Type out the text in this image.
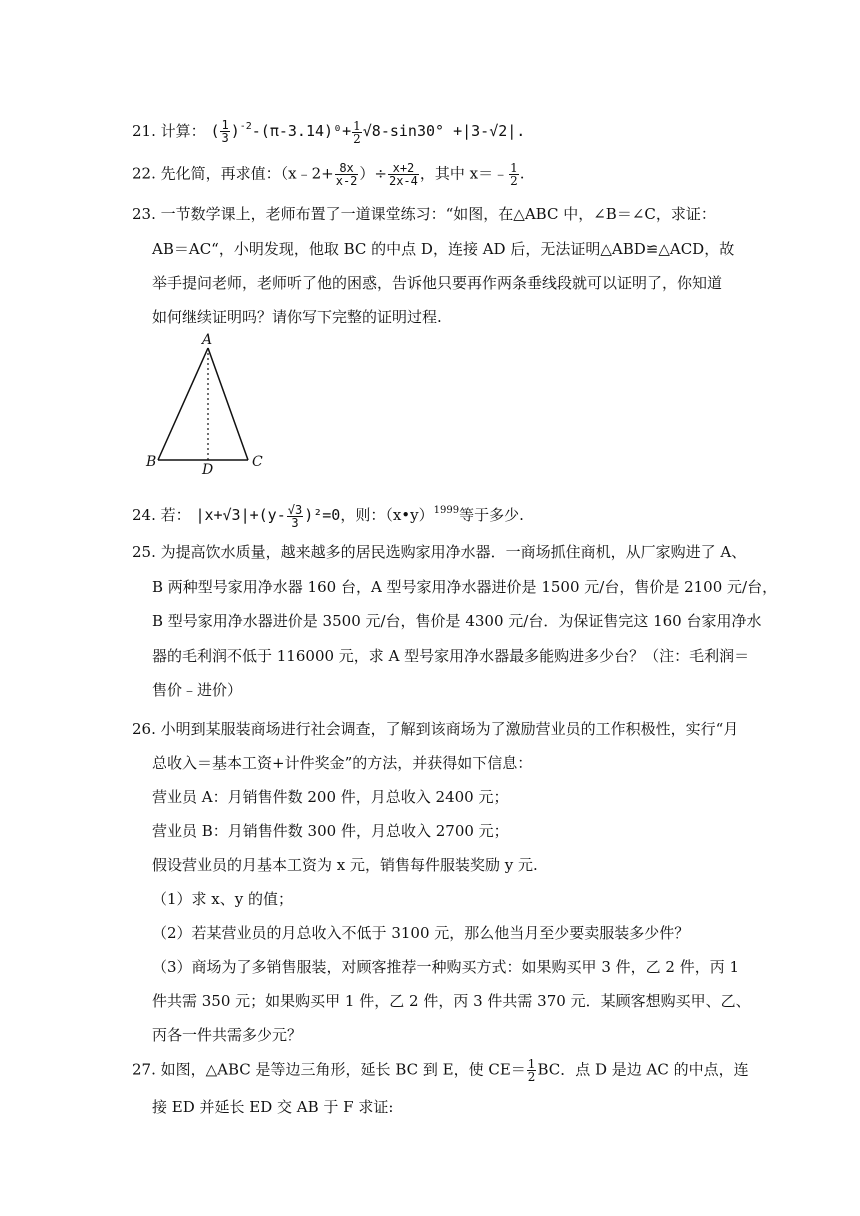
21. 计算： ( $\frac{1}{3} )^{-2}-(\pi-3.14)^0+ \frac{1}{2} √8-\sin 30^\circ +|3-√2|$.
22. 先化简，再求值：（x﹣2+ $\frac{8x}{x-2}$ ）÷ $\frac{x+2}{2x-4}$ ，其中 x＝﹣ $\frac{1}{2}$ .
23. 一节数学课上，老师布置了一道课堂练习：“如图，在△ABC 中，∠B＝∠C，求证：
AB＝AC“，小明发现，他取 BC 的中点 D，连接 AD 后，无法证明△ABD≌△ACD，故
举手提问老师，老师听了他的困惑，告诉他只要再作两条垂线段就可以证明了，你知道
如何继续证明吗？请你写下完整的证明过程.
A
B	C
D
24. 若： $|x+√3|+(y- \frac{√3}{3} )^2=0$，则：（x•y）$^{1999}$等于多少.
25. 为提高饮水质量，越来越多的居民选购家用净水器．一商场抓住商机，从厂家购进了 A、
B 两种型号家用净水器 160 台，A 型号家用净水器进价是 1500 元/台，售价是 2100 元/台，
B 型号家用净水器进价是 3500 元/台，售价是 4300 元/台．为保证售完这 160 台家用净水
器的毛利润不低于 116000 元，求 A 型号家用净水器最多能购进多少台？（注：毛利润＝
售价﹣进价）
26. 小明到某服装商场进行社会调查，了解到该商场为了激励营业员的工作积极性，实行“月
总收入＝基本工资+计件奖金”的方法，并获得如下信息：
营业员 A：月销售件数 200 件，月总收入 2400 元；
营业员 B：月销售件数 300 件，月总收入 2700 元；
假设营业员的月基本工资为 x 元，销售每件服装奖励 y 元.
（1）求 x、y 的值；
（2）若某营业员的月总收入不低于 3100 元，那么他当月至少要卖服装多少件？
（3）商场为了多销售服装，对顾客推荐一种购买方式：如果购买甲 3 件，乙 2 件，丙 1
件共需 350 元；如果购买甲 1 件，乙 2 件，丙 3 件共需 370 元．某顾客想购买甲、乙、
丙各一件共需多少元？
27. 如图，△ABC 是等边三角形，延长 BC 到 E，使 $CE= \frac{1}{2}$ BC．点 D 是边 AC 的中点，连
接 ED 并延长 ED 交 AB 于 F 求证:
